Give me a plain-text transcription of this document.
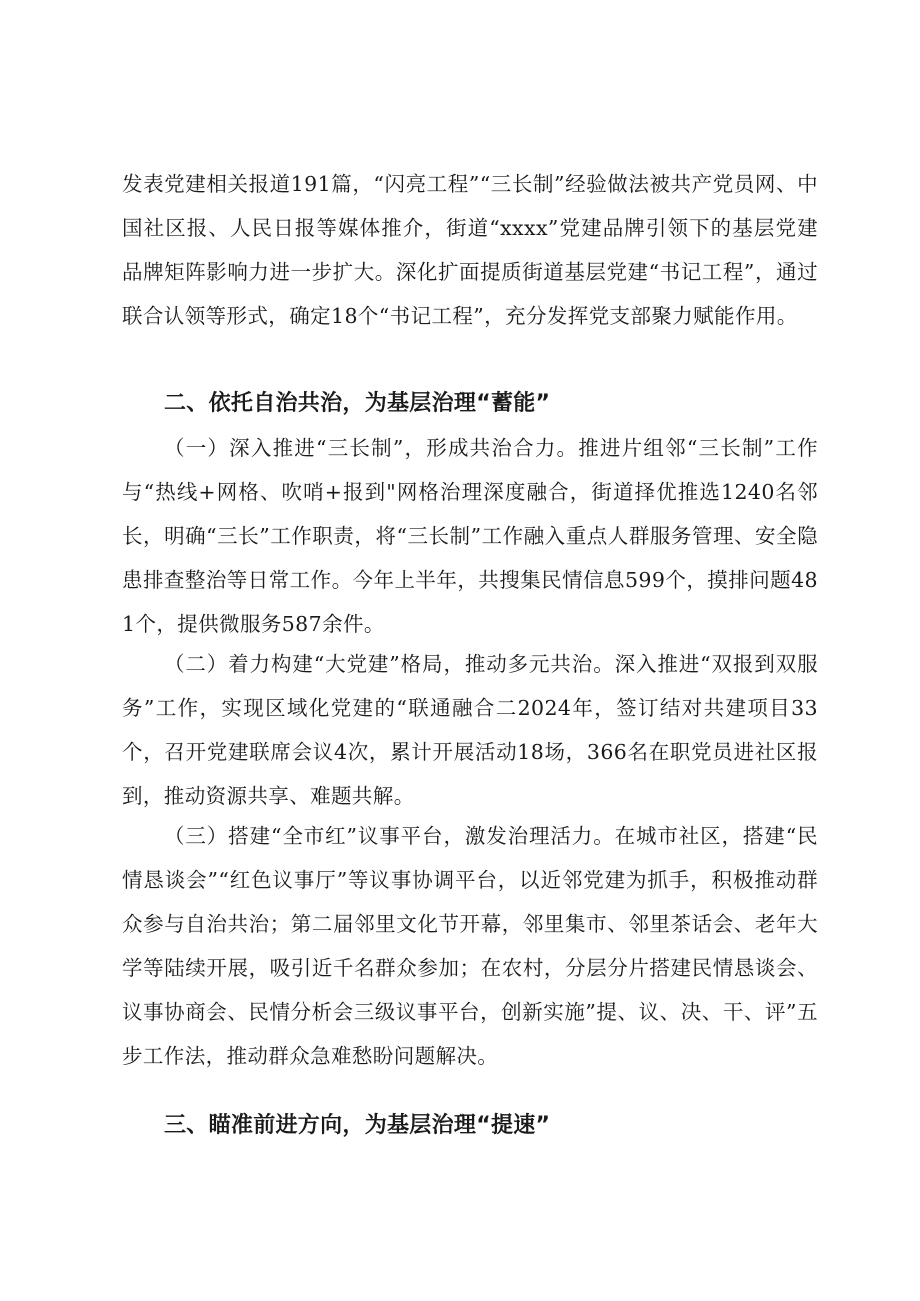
发表党建相关报道191篇，“闪亮工程”“三长制”经验做法被共产党员网、中国社区报、人民日报等媒体推介，街道“xxxx”党建品牌引领下的基层党建品牌矩阵影响力进一步扩大。深化扩面提质街道基层党建“书记工程”，通过联合认领等形式，确定18个“书记工程”，充分发挥党支部聚力赋能作用。

二、依托自治共治，为基层治理“蓄能”

（一）深入推进“三长制”，形成共治合力。推进片组邻“三长制”工作与“热线+网格、吹哨+报到"网格治理深度融合，街道择优推选1240名邻长，明确“三长”工作职责，将“三长制”工作融入重点人群服务管理、安全隐患排查整治等日常工作。今年上半年，共搜集民情信息599个，摸排问题481个，提供微服务587余件。

（二）着力构建“大党建”格局，推动多元共治。深入推进“双报到双服务”工作，实现区域化党建的“联通融合二2024年，签订结对共建项目33个，召开党建联席会议4次，累计开展活动18场，366名在职党员进社区报到，推动资源共享、难题共解。

（三）搭建“全市红”议事平台，激发治理活力。在城市社区，搭建“民情恳谈会”“红色议事厅”等议事协调平台，以近邻党建为抓手，积极推动群众参与自治共治；第二届邻里文化节开幕，邻里集市、邻里茶话会、老年大学等陆续开展，吸引近千名群众参加；在农村，分层分片搭建民情恳谈会、议事协商会、民情分析会三级议事平台，创新实施”提、议、决、干、评”五步工作法，推动群众急难愁盼问题解决。

三、瞄准前进方向，为基层治理“提速”
